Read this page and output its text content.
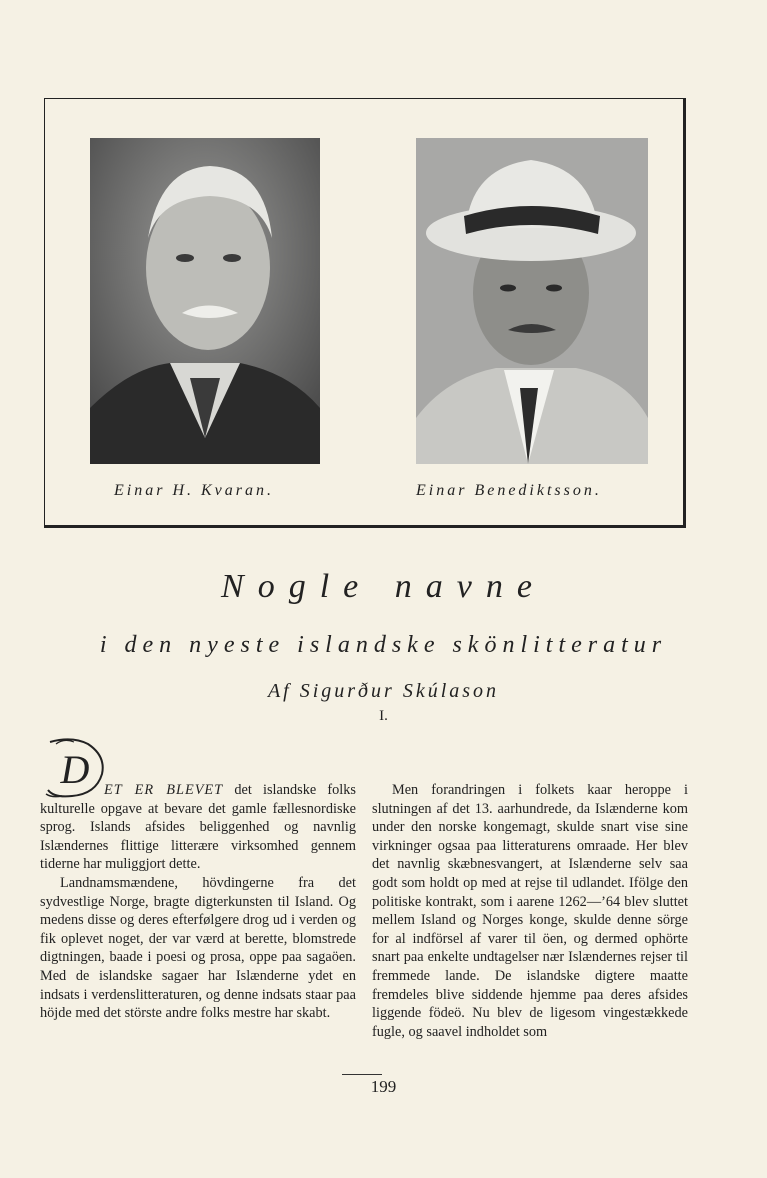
Einar H. Kvaran.	Einar Benediktsson.
Nogle navne
i den nyeste islandske skönlitteratur
Af Sigurður Skúlason
I.
D	ET ER BLEVET det islandske folks kulturelle opgave at bevare det gamle fællesnordiske sprog. Islands afsides beliggenhed og navnlig Islændernes flittige litterære virksomhed gennem tiderne har muliggjort dette.

Landnamsmændene, hövdingerne fra det sydvestlige Norge, bragte digterkunsten til Island. Og medens disse og deres efterfølgere drog ud i verden og fik oplevet noget, der var værd at berette, blomstrede digtningen, baade i poesi og prosa, oppe paa sagaöen. Med de islandske sagaer har Islænderne ydet en indsats i verdenslitteraturen, og denne indsats staar paa höjde med det störste andre folks mestre har skabt.

Men forandringen i folkets kaar heroppe i slutningen af det 13. aarhundrede, da Islænderne kom under den norske kongemagt, skulde snart vise sine virkninger ogsaa paa litteraturens omraade. Her blev det navnlig skæbnesvangert, at Islænderne selv saa godt som holdt op med at rejse til udlandet. Ifölge den politiske kontrakt, som i aarene 1262—’64 blev sluttet mellem Island og Norges konge, skulde denne sörge for al indförsel af varer til öen, og dermed ophörte snart paa enkelte undtagelser nær Islændernes rejser til fremmede lande. De islandske digtere maatte fremdeles blive siddende hjemme paa deres afsides liggende födeö. Nu blev de ligesom vingestækkede fugle, og saavel indholdet som

199
